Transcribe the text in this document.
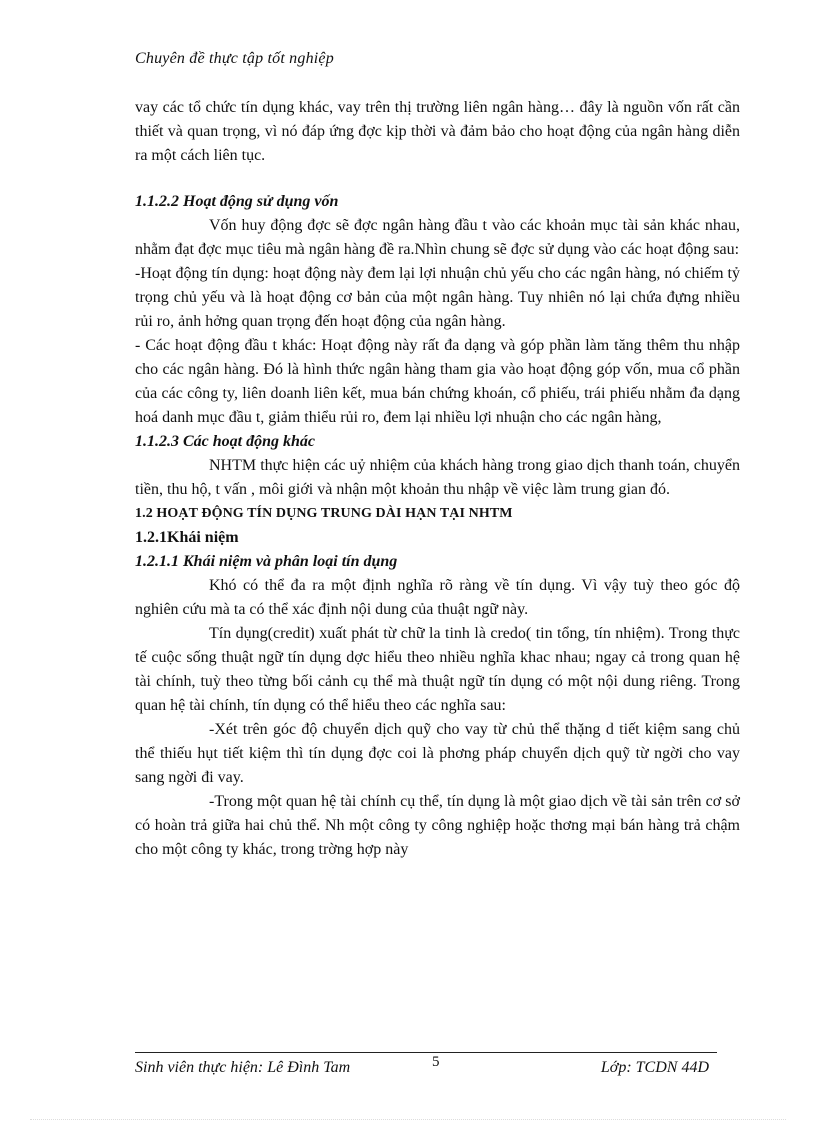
Chuyên đề thực tập tốt nghiệp

vay các tổ chức tín dụng khác, vay trên thị trường liên ngân hàng… đây là nguồn vốn rất cần thiết và quan trọng, vì nó đáp ứng đợc kịp thời và đảm bảo cho hoạt động của ngân hàng diễn ra một cách liên tục.

1.1.2.2 Hoạt động sử dụng vốn

Vốn huy động đợc sẽ đợc ngân hàng đầu t vào các khoản mục tài sản khác nhau, nhằm đạt đợc mục tiêu mà ngân hàng đề ra.Nhìn chung sẽ đợc sử dụng vào các hoạt động sau:

-Hoạt động tín dụng: hoạt động này đem lại lợi nhuận chủ yếu cho các ngân hàng, nó chiếm tỷ trọng chủ yếu và là hoạt động cơ bản của một ngân hàng. Tuy nhiên nó lại chứa đựng nhiều rủi ro, ảnh hởng quan trọng đến hoạt động của ngân hàng.

- Các hoạt động đầu t khác: Hoạt động này rất đa dạng và góp phần làm tăng thêm thu nhập cho các ngân hàng. Đó là hình thức ngân hàng tham gia vào hoạt động góp vốn, mua cổ phần của các công ty, liên doanh liên kết, mua bán chứng khoán, cổ phiếu, trái phiếu nhằm đa dạng hoá danh mục đầu t, giảm thiểu rủi ro, đem lại nhiều lợi nhuận cho các ngân hàng,

1.1.2.3 Các hoạt động khác

NHTM thực hiện các uỷ nhiệm của khách hàng trong giao dịch thanh toán, chuyển tiền, thu hộ, t vấn , môi giới và nhận một khoản thu nhập về việc làm trung gian đó.

1.2 HOẠT ĐỘNG TÍN DỤNG TRUNG DÀI HẠN TẠI NHTM

1.2.1Khái niệm

1.2.1.1 Khái niệm và phân loại tín dụng

Khó có thể đa ra một định nghĩa rõ ràng về tín dụng. Vì vậy tuỳ theo góc độ nghiên cứu mà ta có thể xác định nội dung của thuật ngữ này.

Tín dụng(credit) xuất phát từ chữ la tinh là credo( tin tổng, tín nhiệm). Trong thực tế cuộc sống thuật ngữ tín dụng dợc hiểu theo nhiều nghĩa khac nhau; ngay cả trong quan hệ tài chính, tuỳ theo từng bối cảnh cụ thể mà thuật ngữ tín dụng có một nội dung riêng. Trong quan hệ tài chính, tín dụng có thể hiểu theo các nghĩa sau:

-Xét trên góc độ chuyển dịch quỹ cho vay từ chủ thể thặng d tiết kiệm sang chủ thể thiếu hụt tiết kiệm thì tín dụng đợc coi là phơng pháp chuyển dịch quỹ từ ngời cho vay sang ngời đi vay.

-Trong một quan hệ tài chính cụ thể, tín dụng là một giao dịch về tài sản trên cơ sở có hoàn trả giữa hai chủ thể. Nh một công ty công nghiệp hoặc thơng mại bán hàng trả chậm cho một công ty khác, trong trờng hợp này

Sinh viên thực hiện: Lê Đình Tam	5	Lớp: TCDN 44D
